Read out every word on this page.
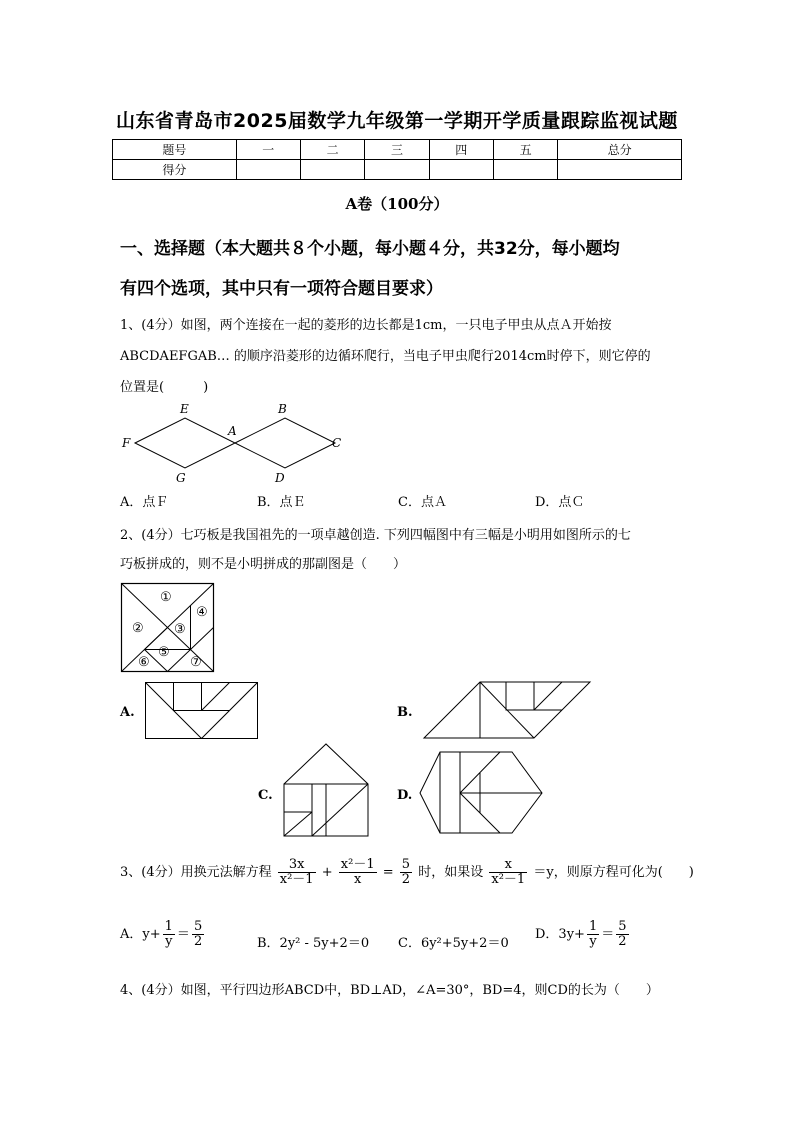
山东省青岛市2025届数学九年级第一学期开学质量跟踪监视试题
题号	一	二	三	四	五	总分
得分						
A卷（100分）
一、选择题（本大题共８个小题，每小题４分，共32分，每小题均
有四个选项，其中只有一项符合题目要求）
1、(4分）如图，两个连接在一起的菱形的边长都是1cm，一只电子甲虫从点Ａ开始按
ABCDAEFGAB… 的顺序沿菱形的边循环爬行，当电子甲虫爬行2014cm时停下，则它停的
位置是(　　　)
E	B
A
F	C
G	D
A．点Ｆ	B．点Ｅ	C．点Ａ	D．点Ｃ
2、(4分）七巧板是我国祖先的一项卓越创造. 下列四幅图中有三幅是小明用如图所示的七
巧板拼成的，则不是小明拼成的那副图是（　　）
①
② ③
④
⑤
⑥	⑦
A.	B.
C.	D.
3、(4分）用换元法解方程 $\frac{3x}{\text{x²－1}} + \frac{\text{x²－1}}{x} = \frac{5}{2}$ 时，如果设 $\frac{x}{\text{x²－1}} =y$，则原方程可化为(　　)
A．$y+ \frac{1}{y} = \frac{5}{2}$	B．2y² - 5y+2＝0 C．6y²+5y+2＝0
D．$3y+ \frac{1}{y} = \frac{5}{2}$
4、(4分）如图，平行四边形ABCD中，BD⊥AD，∠A=30°，BD=4，则CD的长为（　　）
